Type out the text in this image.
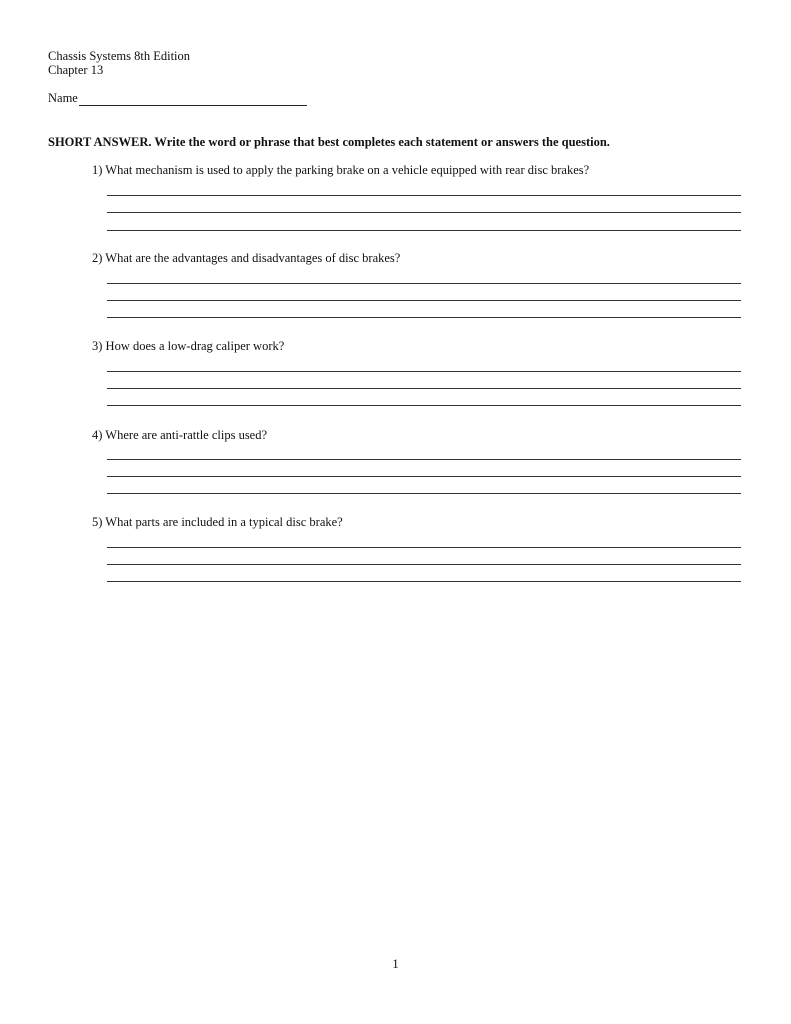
Chassis Systems 8th Edition
Chapter 13
Name
SHORT ANSWER. Write the word or phrase that best completes each statement or answers the question.
1) What mechanism is used to apply the parking brake on a vehicle equipped with rear disc brakes?
2) What are the advantages and disadvantages of disc brakes?
3) How does a low-drag caliper work?
4) Where are anti-rattle clips used?
5) What parts are included in a typical disc brake?
1
